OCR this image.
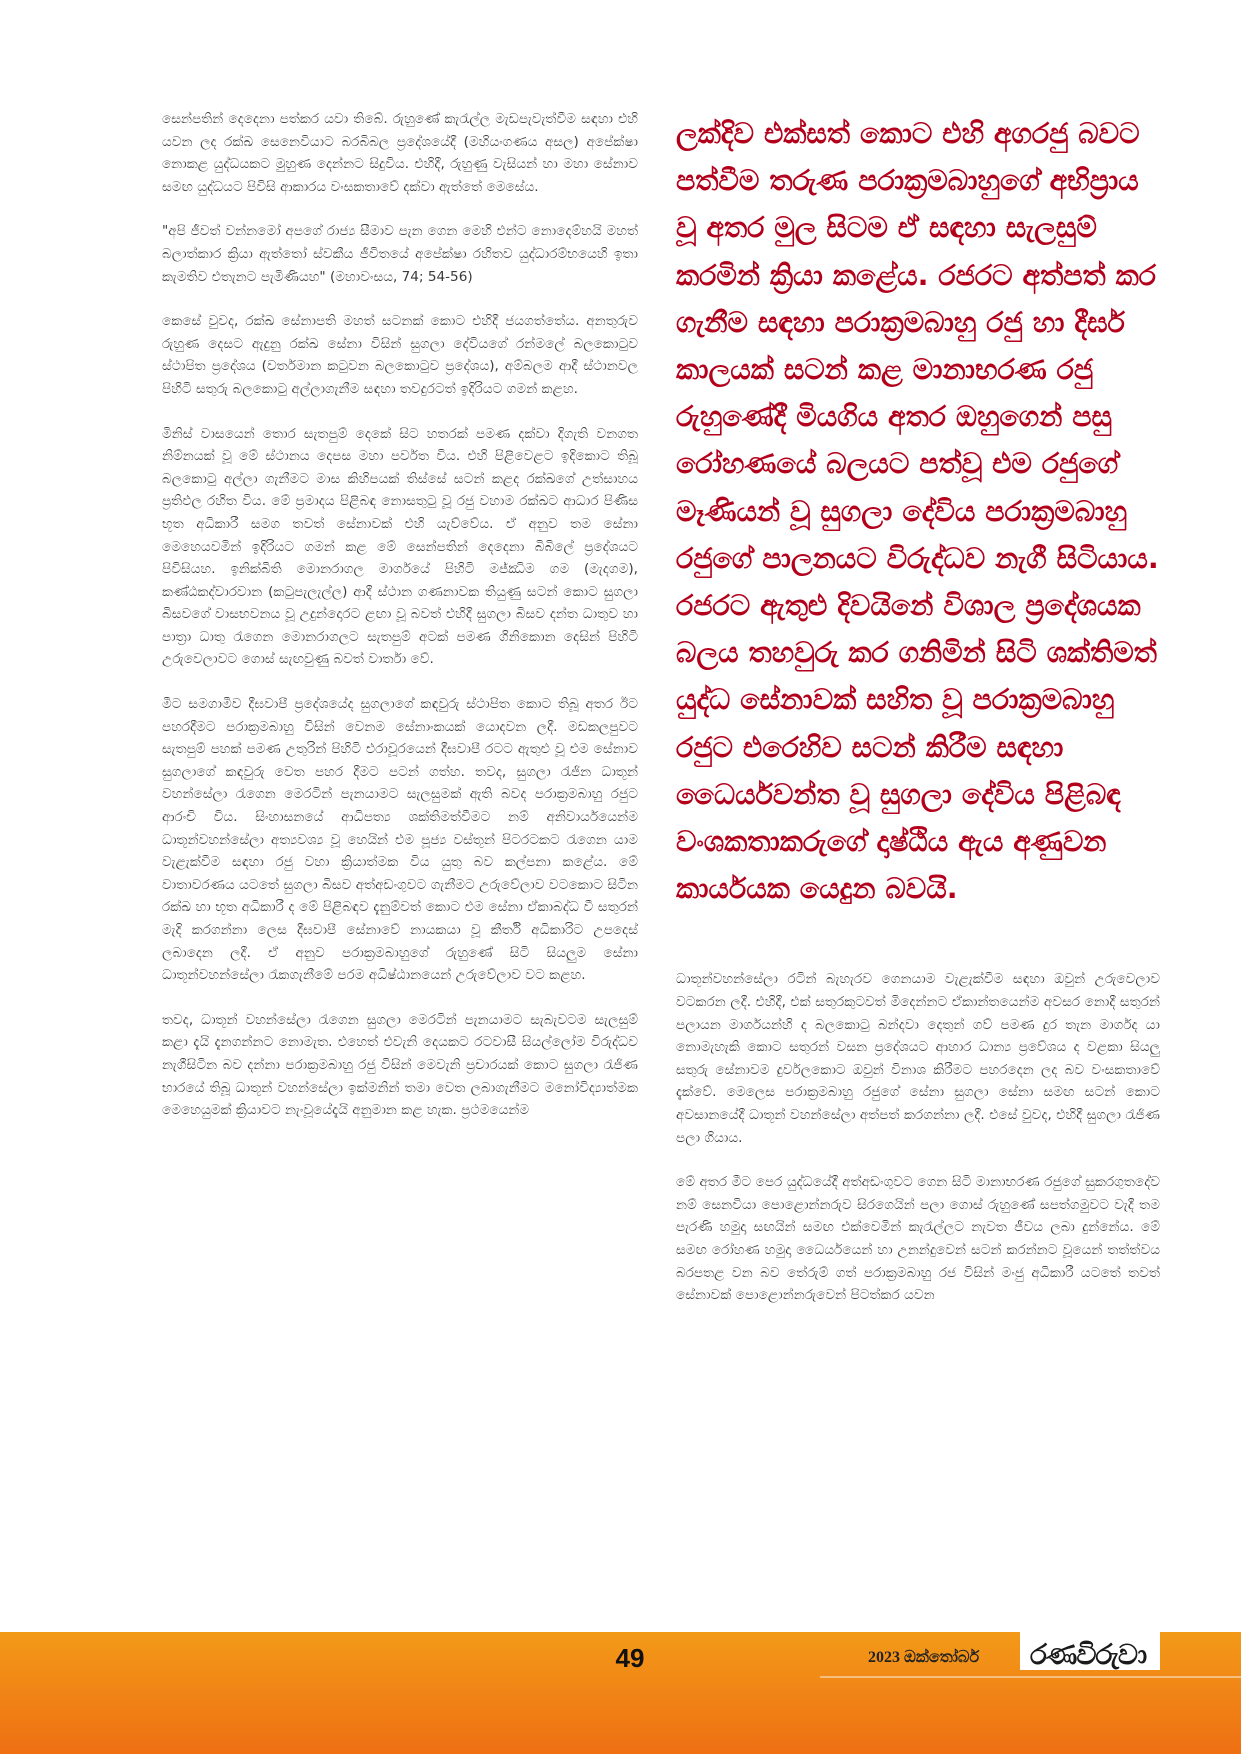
සෙන්පතින් දෙදෙනා පත්කර යවා තිබේ. රුහුණේ කැරැල්ල මැඩපැවැත්වීම සඳහා එහි යවන ලද රක්ඛ සෙනෙවියාට බරබිබල ප්‍රදේශයේදී (මහියංගණය අසල) අපේක්ෂා නොකළ යුද්ධයකට මුහුණ දෙන්නට සිදුවිය. එහිදී, රුහුණු වැසියන් හා මහා සේනාව සමඟ යුද්ධයට පිවිසි ආකාරය වංසකතාවේ දක්වා ඇත්තේ මෙසේය.

"අපි ජීවත් වන්නමෝ අපගේ රාජ්‍ය සීමාව පැන ගෙන මෙහි එන්ට නොදෙම්හයි මහත් බලාත්කාර ක්‍රියා ඇත්තෝ ස්වකීය ජීවිතයේ අපේක්ෂා රහිතව යුද්ධාරම්භයෙහි ඉතා කැමතිව එතැනට පැමිණියහ" (මහාවංසය, 74; 54-56)

කෙසේ වුවද, රක්ඛ සේනාපති මහත් සටනක් කොට එහිදී ජයගත්තේය. අනතුරුව රුහුණ දෙසට ඇදුනු රක්ඛ සේනා විසින් සුගලා දේවියගේ රන්මලේ බලකොටුව ස්ථාපිත ප්‍රදේශය (වර්තමාන කටුවන බලකොටුව ප්‍රදේශය), අම්බලම ආදී ස්ථානවල පිහිටි සතුරු බලකොටු අල්ලාගැනීම සඳහා තවදුරටත් ඉදිරියට ගමන් කළහ.

මිනිස් වාසයෙන් තොර සැතපුම් දෙකේ සිට හතරක් පමණ දක්වා දිගැති වනගත නිම්නයක් වූ මේ ස්ථානය දෙපස මහා පර්වත විය. එහි පිළිවෙළට ඉදිකොට තිබූ බලකොටු අල්ලා ගැනීමට මාස කිහිපයක් තිස්සේ සටන් කළද රක්ඛගේ උත්සාහය ප්‍රතිඵල රහිත විය. මේ ප්‍රමාදය පිළිබඳ නොසතුටු වූ රජු වහාම රක්ඛට ආධාර පිණිස භූත අධිකාරී සමග තවත් සේනාවක් එහි යැව්වේය. ඒ අනුව තම සේනා මෙහෙයවමින් ඉදිරියට ගමන් කළ මේ සෙන්පතින් දෙදෙනා බිබිලේ ප්‍රදේශයට පිවිසියහ. ඉනික්බිති මොනරාගල මාර්ගයේ පිහිටි මජ්ඣිම ගම (මැදගම), කණ්ඨකද්වාරවාන (කටුපැලැල්ල) ආදී ස්ථාන ගණනාවක තියුණු සටන් කොට සුගලා බිසවගේ වාසභවනය වූ උදුන්දොරට ළඟා වූ බවත් එහිදී සුගලා බිසව දන්ත ධාතුව හා පාත්‍රා ධාතු රැගෙන මොනරාගලට සැතපුම් අටක් පමණ ගිනිකොන දෙසින් පිහිටි උරුවෙලාවට ගොස් සැඟවුණු බවත් වාර්තා වේ.

මීට සමගාමීව දීඝවාපී ප්‍රදේශයේද සුගලාගේ කඳවුරු ස්ථාපිත කොට තිබූ අතර ඊට පහරදීමට පරාක්‍රමබාහු විසින් වෙනම සේනාංකයක් යොදවන ලදී. මඩකලපුවට සැතපුම් පහක් පමණ උතුරින් පිහිටි එරාවූරයෙන් දීඝවාපී රටට ඇතුළු වූ එම සේනාව සුගලාගේ කඳවුරු වෙත පහර දීමට පටන් ගත්හ. තවද, සුගලා රැජින ධාතූන් වහන්සේලා රැගෙන මෙරටින් පැනයාමට සැලසුමක් ඇති බවද පරාක්‍රමබාහු රජුට ආරංචි විය. සිංහාසනයේ ආධිපත්‍ය ශක්තිමත්වීමට නම් අනිවාර්යයෙන්ම ධාතූන්වහන්සේලා අත්‍යවශ්‍ය වූ හෙයින් එම පූජ්‍ය වස්තූන් පිටරටකට රැගෙන යාම වැළැක්වීම සඳහා රජු වහා ක්‍රියාත්මක විය යුතු බව කල්පනා කළේය. මේ වාතාවරණය යටතේ සුගලා බිසව අත්අඩංගුවට ගැනීමට උරුවේලාව වටකොට සිටින රක්ඛ හා භූත අධිකාරී ද මේ පිළිබඳව දැනුම්වත් කොට එම සේනා ඒකාබද්ධ වී සතුරන් මැදි කරගන්නා ලෙස දීඝවාපී සේනාවේ නායකයා වූ කීර්ති අධිකාරිට උපදෙස් ලබාදෙන ලදී. ඒ අනුව පරාක්‍රමබාහුගේ රුහුණේ සිටි සියලුම සේනා ධාතූන්වහන්සේලා රැකගැනීමේ පරම අධිෂ්ඨානයෙන් උරුවේලාව වට කළහ.

තවද, ධාතූන් වහන්සේලා රැගෙන සුගලා මෙරටින් පැනයාමට සැබැවටම සැලසුම් කළා දැයි දැනගන්නට නොමැත. එහෙත් එවැනි දෙයකට රටවාසී සියල්ලෝම විරුද්ධව නැගීසිටින බව දන්නා පරාක්‍රමබාහු රජු විසින් මෙවැනි ප්‍රචාරයක් කොට සුගලා රැජිණ භාරයේ තිබූ ධාතූන් වහන්සේලා ඉක්මනින් තමා වෙත ලබාගැනීමට මනෝවිද්‍යාත්මක මෙහෙයුමක් ක්‍රියාවට නැංවූයේදැයි අනුමාන කළ හැක. ප්‍රථමයෙන්ම

ලක්දිව එක්සත් කොට එහි අගරජු බවට පත්වීම තරුණ පරාක්‍රමබාහුගේ අභිප්‍රාය වූ අතර මුල සිටම ඒ සඳහා සැලසුම් කරමින් ක්‍රියා කළේය. රජරට අත්පත් කර ගැනීම සඳහා පරාක්‍රමබාහු රජු හා දීර්ඝ කාලයක් සටන් කළ මානාභරණ රජු රුහුණේදී මියගිය අතර ඔහුගෙන් පසු රෝහණයේ බලයට පත්වූ එම රජුගේ මෑණියන් වූ සුගලා දේවිය පරාක්‍රමබාහු රජුගේ පාලනයට විරුද්ධව නැගී සිටියාය. රජරට ඇතුළු දිවයිනේ විශාල ප්‍රදේශයක බලය තහවුරු කර ගනිමින් සිටි ශක්තිමත් යුද්ධ සේනාවක් සහිත වූ පරාක්‍රමබාහු රජුට එරෙහිව සටන් කිරීම සඳහා ධෛර්යවන්ත වූ සුගලා දේවිය පිළිබඳ වංශකතාකරුගේ දාෂ්ඨිය ඇය අණුවන කාර්යයක යෙදුන බවයි.

ධාතූන්වහන්සේලා රටින් බැහැරව ගෙනයාම වැළැක්වීම සඳහා ඔවුන් උරුවෙලාව වටකරන ලදී. එහිදී, එක් සතුරකුටවත් මිදෙන්නට ඒකාන්තයෙන්ම අවසර නොදී සතුරන් පලායන මාර්ගයන්හි ද බලකොටු බන්දවා දෙතුන් ගව් පමණ දුර තැන මාර්ගද යා නොමැහැකි කොට සතුරන් වසන ප්‍රදේශයට ආහාර ධාන්‍ය ප්‍රවේශය ද වළකා සියලු සතුරු සේනාවම දුර්වලකොට ඔවුන් විනාශ කිරීමට පහරදෙන ලද බව වංසකතාවේ දැක්වේ. මෙලෙස පරාක්‍රමබාහු රජුගේ සේනා සුගලා සේනා සමඟ සටන් කොට අවසානයේදී ධාතූන් වහන්සේලා අත්පත් කරගන්නා ලදී. එසේ වුවද, එහිදී සුගලා රැජිණ පලා ගියාය.

මේ අතර මීට පෙර යුද්ධයේදී අත්අඩංගුවට ගෙන සිටි මානාභරණ රජුගේ සුකරගුතදේව නම් සෙනවියා පොළොන්නරුව සිරගෙයින් පලා ගොස් රුහුණේ සපත්ගමුවට වැදී තම පැරණි හමුදා සඟයින් සමඟ එක්වෙමින් කැරැල්ලට නැවත ජීවය ලබා දුන්නේය. මේ සමඟ රෝහණ හමුදා ධෛර්යයෙන් හා උනන්දුවෙන් සටන් කරන්නට වූයෙන් තත්ත්වය බරපතළ වන බව තේරුම් ගත් පරාක්‍රමබාහු රජ විසින් මංජු අධිකාරී යටතේ තවත් සේනාවක් පොළොන්නරුවෙන් පිටත්කර යවන

49	2023 ඔක්තෝබර් රණවිරුවා
